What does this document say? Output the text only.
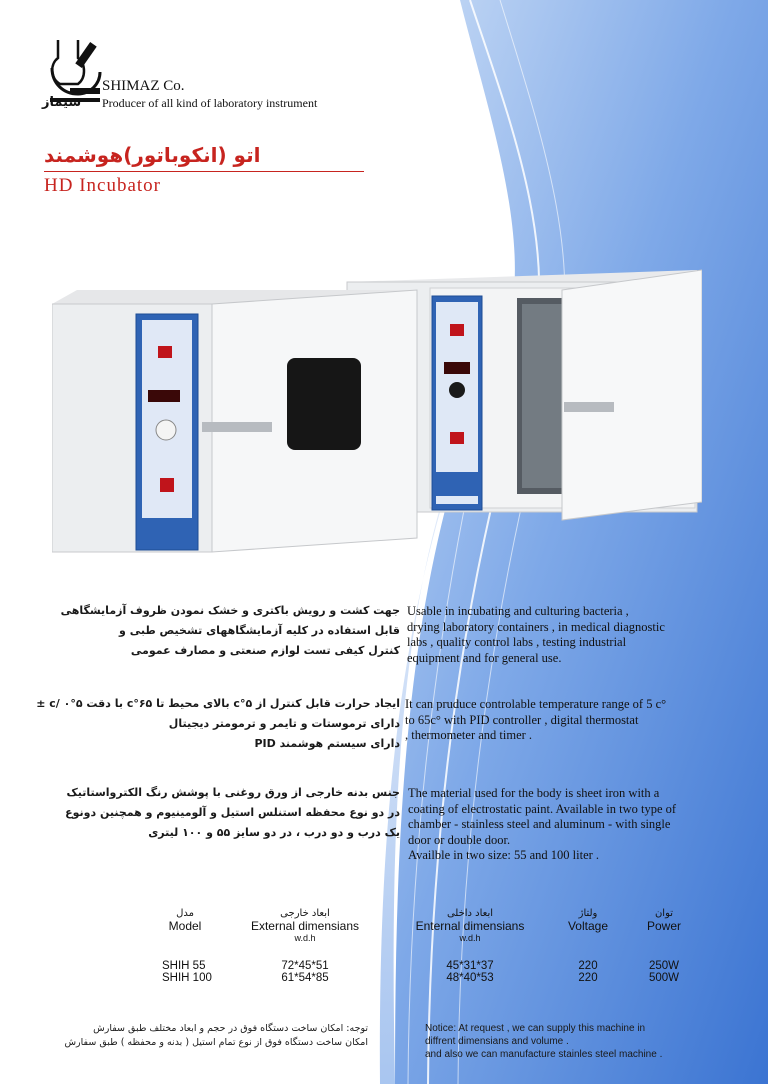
شیماز
SHIMAZ Co.
Producer of all kind of laboratory instrument
اتو (انکوباتور)هوشمند
HD Incubator

جهت کشت و رویش باکتری و خشک نمودن ظروف آزمایشگاهی

قابل استفاده در کلیه آزمایشگاههای تشخیص طبی و

کنترل کیفی تست لوازم صنعتی و مصارف عمومی

Usable in incubating and culturing bacteria ,

drying laboratory containers , in medical diagnostic

labs , quality control labs , testing industrial

equipment and for general use.

ایجاد حرارت قابل کنترل از ۵°c بالای محیط تا ۶۵°c با دقت ۵°c/ ۰ ±

دارای ترموستات و تایمر و ترمومتر دیجیتال

دارای سیستم هوشمند PID

It can pruduce controlable temperature range of 5 c°

to 65c° with PID controller , digital thermostat

, thermometer and timer .

جنس بدنه خارجی از ورق روغنی با پوشش رنگ الکترواستاتیک

در دو نوع محفظه استنلس استیل و آلومینیوم و همچنین دونوع

یک درب و دو درب ، در دو سایز ۵۵ و ۱۰۰ لیتری

The material used for the body is sheet iron with a

coating of electrostatic paint. Available in two type of

chamber - stainless steel and aluminum - with single

door or double door.

Availble in two size: 55 and 100 liter .

مدل
Model
ابعاد خارجی
External dimensians
w.d.h
ابعاد داخلی
Enternal dimensians
w.d.h
ولتاژ
Voltage
توان
Power
SHIH 55
SHIH 100
72*45*51
61*54*85
45*31*37
48*40*53
220
220
250W
500W
توجه: امکان ساخت دستگاه فوق در حجم و ابعاد مختلف طبق سفارش
امکان ساخت دستگاه فوق از نوع تمام استیل ( بدنه و محفظه ) طبق سفارش
Notice: At request , we can supply this machine in
diffrent dimensians and volume .
and also we can manufacture stainles steel machine .
